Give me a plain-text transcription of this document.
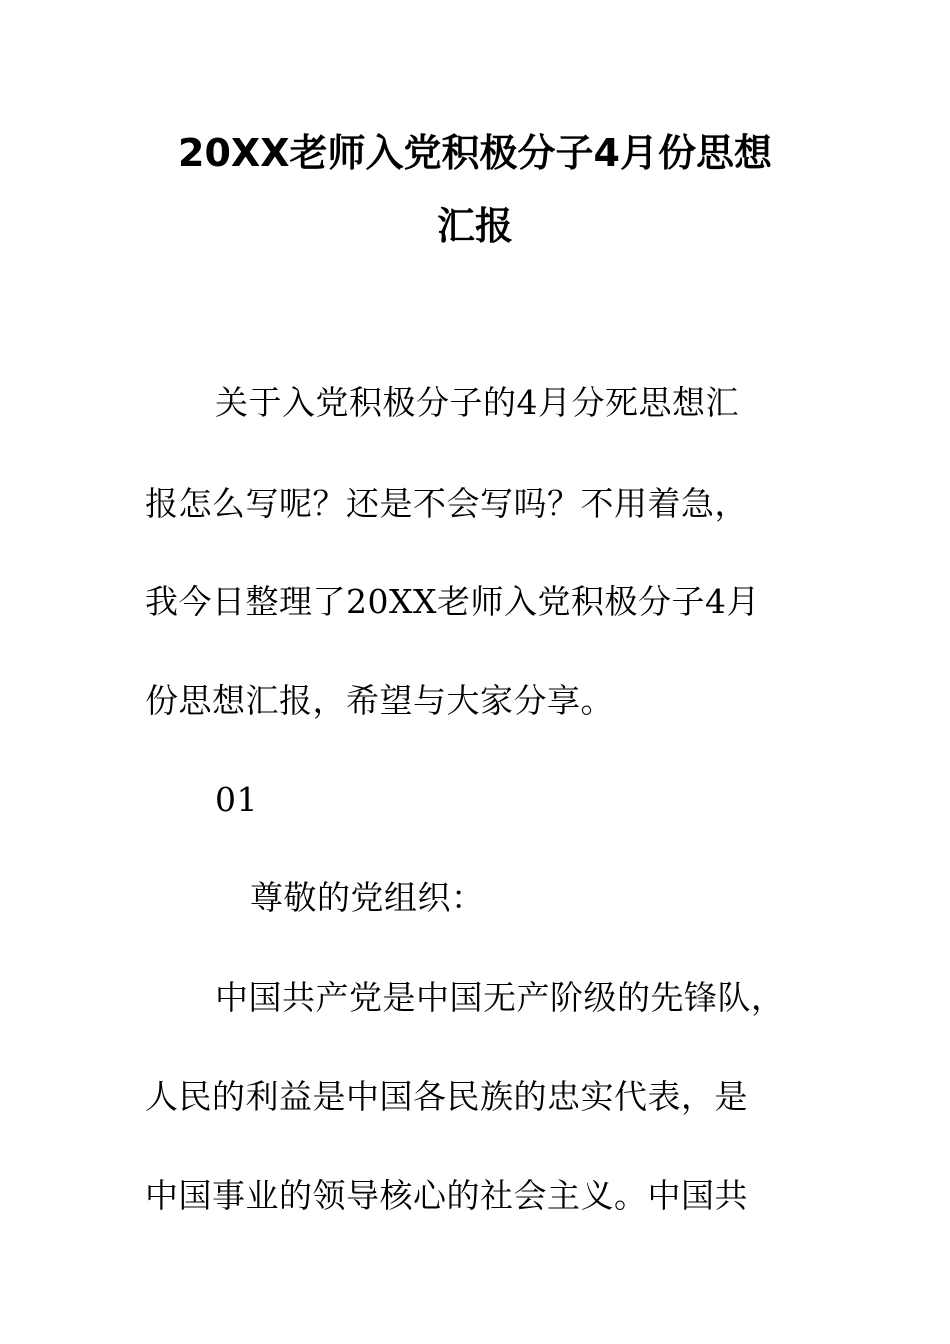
20XX老师入党积极分子4月份思想
汇报
关于入党积极分子的4月分死思想汇
报怎么写呢？还是不会写吗？不用着急，
我今日整理了20XX老师入党积极分子4月
份思想汇报，希望与大家分享。
01
尊敬的党组织：
中国共产党是中国无产阶级的先锋队，
人民的利益是中国各民族的忠实代表，是
中国事业的领导核心的社会主义。中国共
